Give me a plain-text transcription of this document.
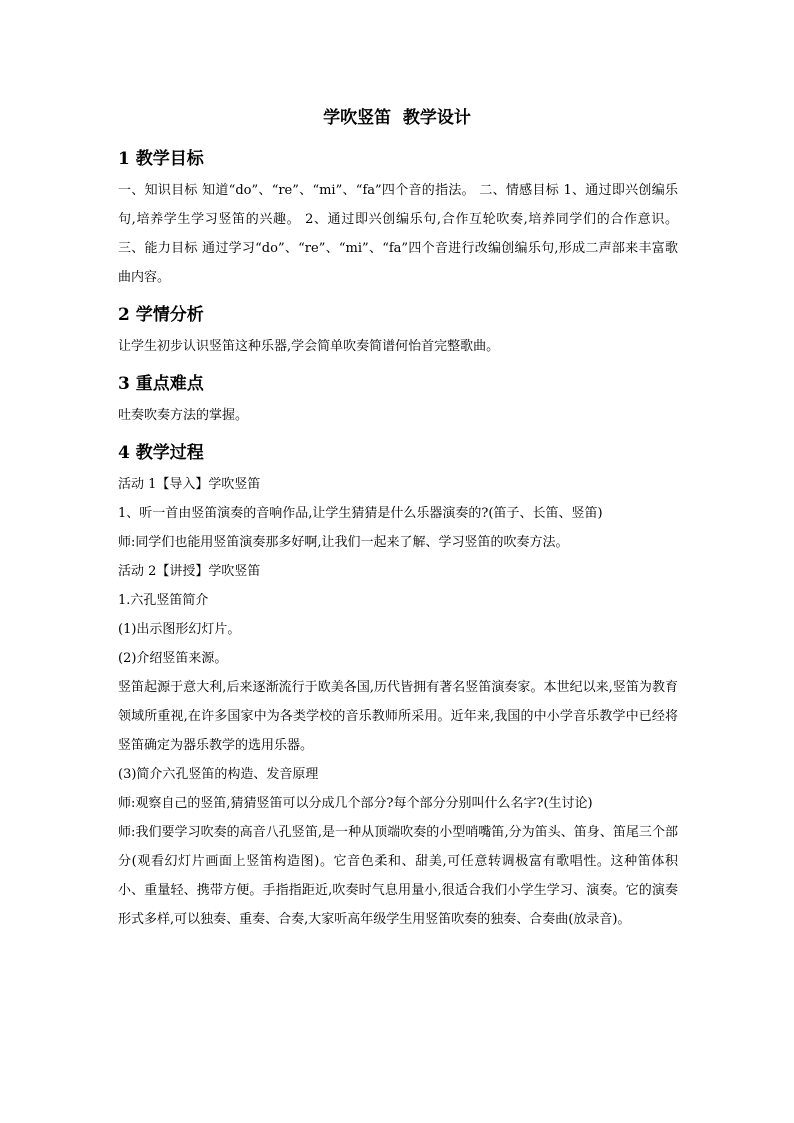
学吹竖笛  教学设计
1 教学目标
一、知识目标 知道“do”、“re”、“mi”、“fa”四个音的指法。 二、情感目标 1、通过即兴创编乐句,培养学生学习竖笛的兴趣。 2、通过即兴创编乐句,合作互轮吹奏,培养同学们的合作意识。 三、能力目标 通过学习“do”、“re”、“mi”、“fa”四个音进行改编创编乐句,形成二声部来丰富歌曲内容。
2 学情分析
让学生初步认识竖笛这种乐器,学会简单吹奏简谱何怡首完整歌曲。
3 重点难点
吐奏吹奏方法的掌握。
4 教学过程
活动 1【导入】学吹竖笛
1、听一首由竖笛演奏的音响作品,让学生猜猜是什么乐器演奏的?(笛子、长笛、竖笛)
师:同学们也能用竖笛演奏那多好啊,让我们一起来了解、学习竖笛的吹奏方法。
活动 2【讲授】学吹竖笛
1.六孔竖笛简介
(1)出示图形幻灯片。
(2)介绍竖笛来源。
竖笛起源于意大利,后来逐渐流行于欧美各国,历代皆拥有著名竖笛演奏家。本世纪以来,竖笛为教育领域所重视,在许多国家中为各类学校的音乐教师所采用。近年来,我国的中小学音乐教学中已经将竖笛确定为器乐教学的选用乐器。
(3)简介六孔竖笛的构造、发音原理
师:观察自己的竖笛,猜猜竖笛可以分成几个部分?每个部分分别叫什么名字?(生讨论)
师:我们要学习吹奏的高音八孔竖笛,是一种从顶端吹奏的小型哨嘴笛,分为笛头、笛身、笛尾三个部分(观看幻灯片画面上竖笛构造图)。它音色柔和、甜美,可任意转调极富有歌唱性。这种笛体积小、重量轻、携带方便。手指指距近,吹奏时气息用量小,很适合我们小学生学习、演奏。它的演奏形式多样,可以独奏、重奏、合奏,大家听高年级学生用竖笛吹奏的独奏、合奏曲(放录音)。
